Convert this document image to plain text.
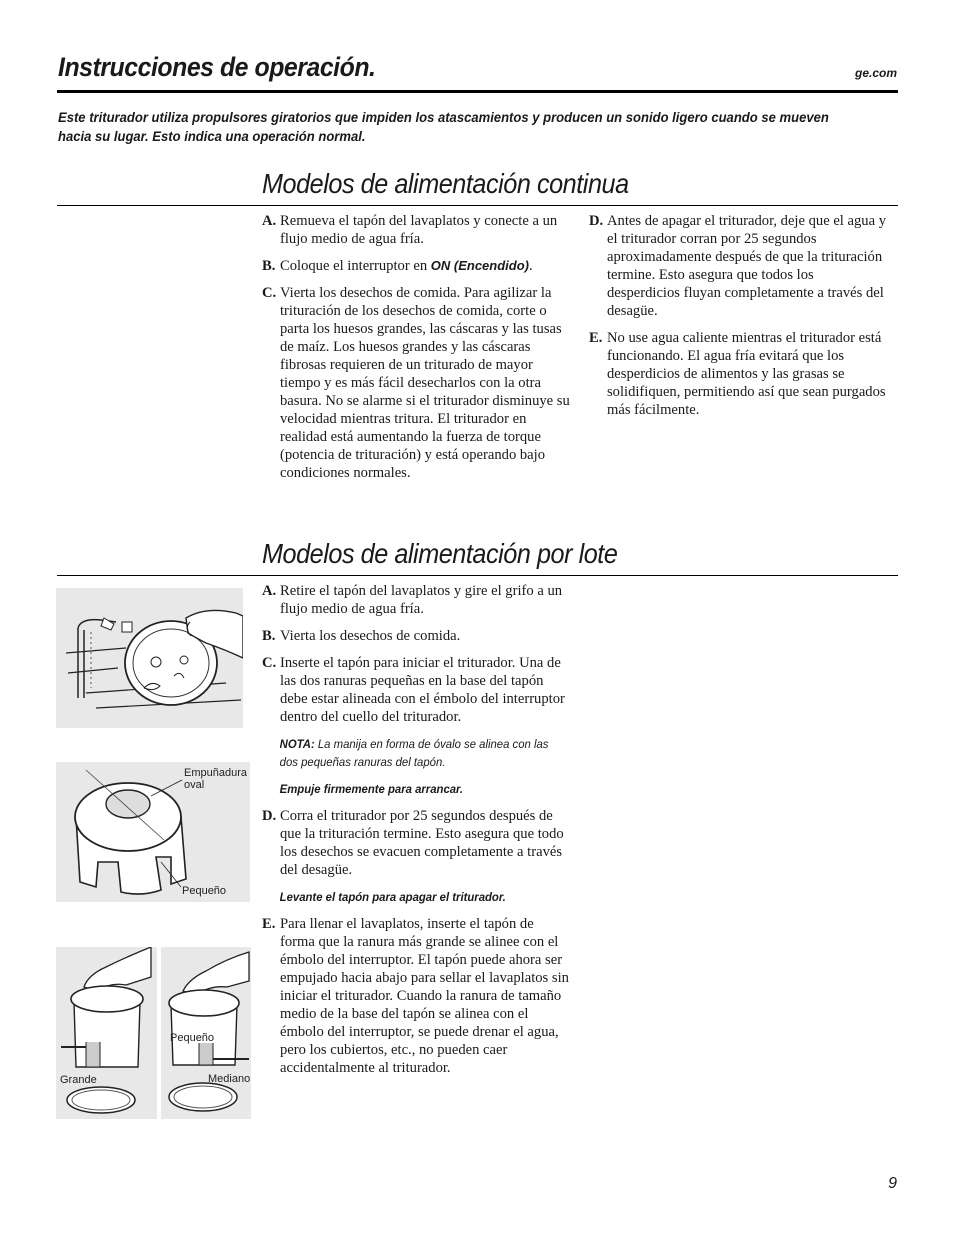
Instrucciones de operación.	ge.com
Este triturador utiliza propulsores giratorios que impiden los atascamientos y producen un sonido ligero cuando se mueven hacia su lugar. Esto indica una operación normal.
Modelos de alimentación continua
A. Remueva el tapón del lavaplatos y conecte a un flujo medio de agua fría.
B. Coloque el interruptor en ON (Encendido).
C. Vierta los desechos de comida. Para agilizar la trituración de los desechos de comida, corte o parta los huesos grandes, las cáscaras y las tusas de maíz. Los huesos grandes y las cáscaras fibrosas requieren de un triturado de mayor tiempo y es más fácil desecharlos con la otra basura. No se alarme si el triturador disminuye su velocidad mientras tritura. El triturador en realidad está aumentando la fuerza de torque (potencia de trituración) y está operando bajo condiciones normales.
D. Antes de apagar el triturador, deje que el agua y el triturador corran por 25 segundos aproximadamente después de que la trituración termine. Esto asegura que todos los desperdicios fluyan completamente a través del desagüe.
E. No use agua caliente mientras el triturador está funcionando. El agua fría evitará que los desperdicios de alimentos y las grasas se solidifiquen, permitiendo así que sean purgados más fácilmente.
Modelos de alimentación por lote
A. Retire el tapón del lavaplatos y gire el grifo a un flujo medio de agua fría.
B. Vierta los desechos de comida.
C. Inserte el tapón para iniciar el triturador. Una de las dos ranuras pequeñas en la base del tapón debe estar alineada con el émbolo del interruptor dentro del cuello del triturador.
NOTA: La manija en forma de óvalo se alinea con las dos pequeñas ranuras del tapón.
Empuje firmemente para arrancar.
D. Corra el triturador por 25 segundos después de que la trituración termine. Esto asegura que todo los desechos se evacuen completamente a través del desagüe.
Levante el tapón para apagar el triturador.
E. Para llenar el lavaplatos, inserte el tapón de forma que la ranura más grande se alinee con el émbolo del interruptor. El tapón puede ahora ser empujado hacia abajo para sellar el lavaplatos sin iniciar el triturador. Cuando la ranura de tamaño medio de la base del tapón se alinea con el émbolo del interruptor, se puede drenar el agua, pero los cubiertos, etc., no pueden caer accidentalmente al triturador.
Empuñadura oval
Pequeño
Grande
Pequeño
Mediano
9
